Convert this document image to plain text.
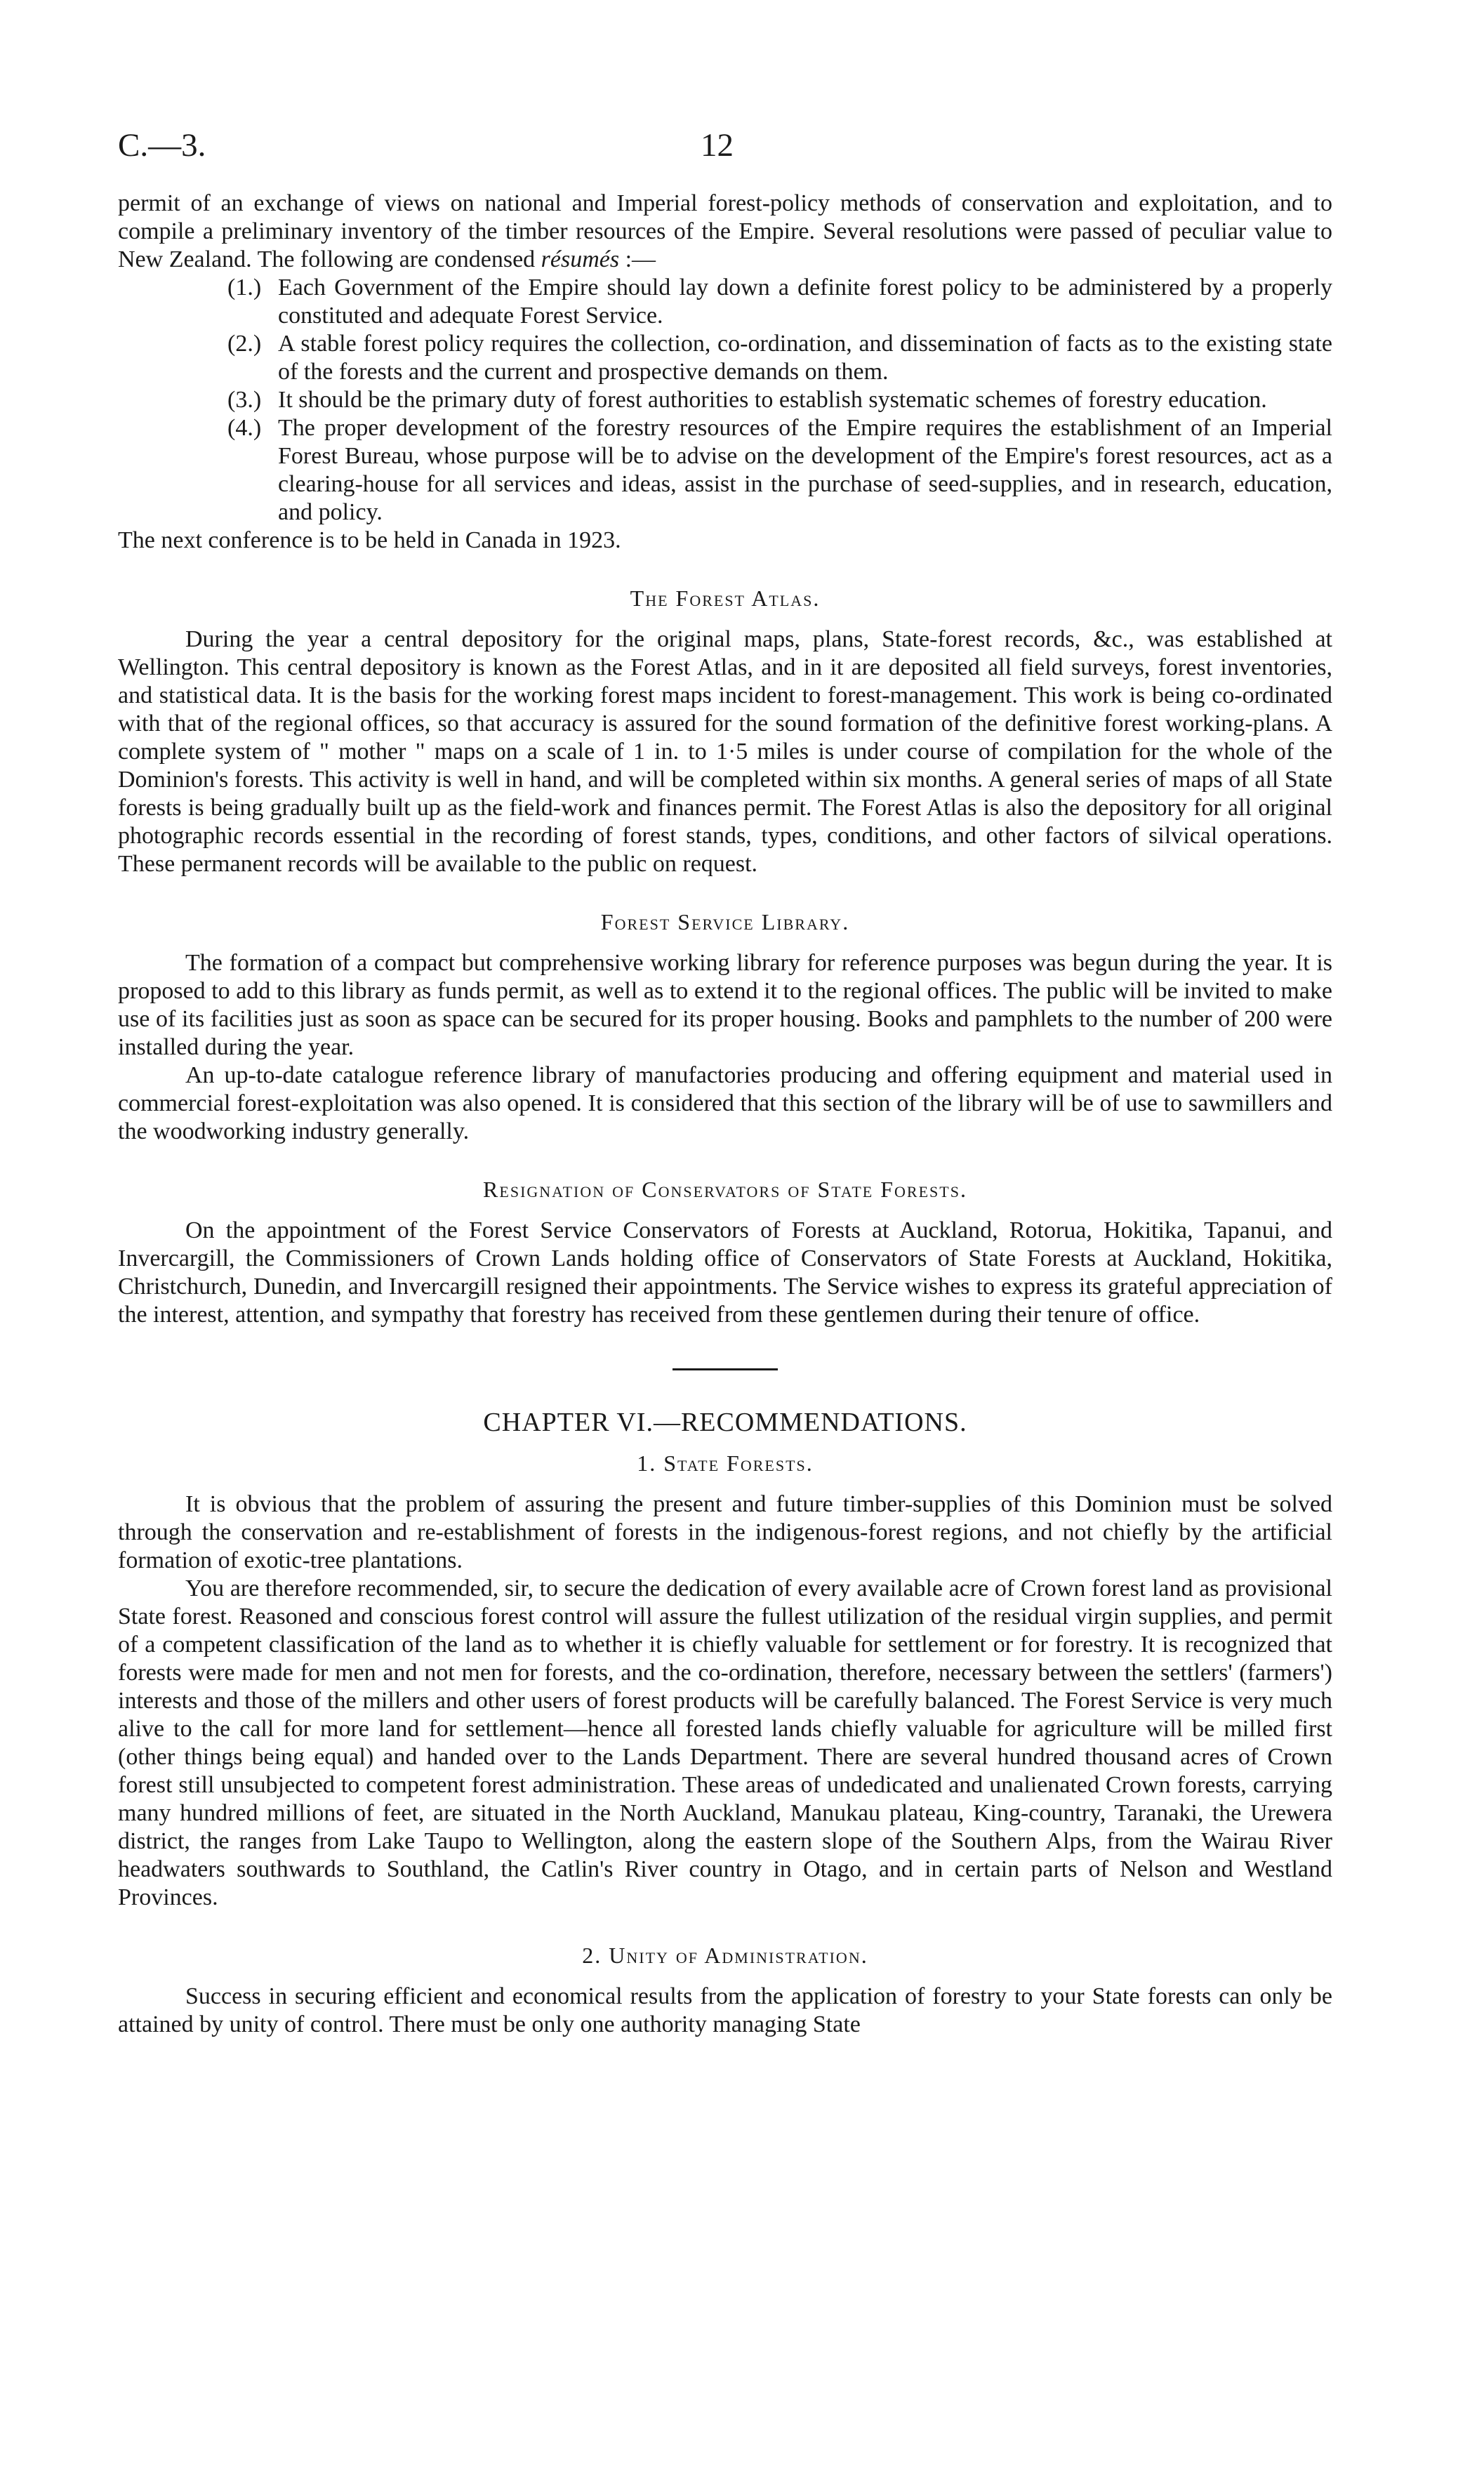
C.—3.	12

permit of an exchange of views on national and Imperial forest-policy methods of conservation and exploitation, and to compile a preliminary inventory of the timber resources of the Empire. Several resolutions were passed of peculiar value to New Zealand. The following are condensed résumés :—

(1.) Each Government of the Empire should lay down a definite forest policy to be administered by a properly constituted and adequate Forest Service.
(2.) A stable forest policy requires the collection, co-ordination, and dissemination of facts as to the existing state of the forests and the current and prospective demands on them.
(3.) It should be the primary duty of forest authorities to establish systematic schemes of forestry education.
(4.) The proper development of the forestry resources of the Empire requires the establishment of an Imperial Forest Bureau, whose purpose will be to advise on the development of the Empire's forest resources, act as a clearing-house for all services and ideas, assist in the purchase of seed-supplies, and in research, education, and policy.

The next conference is to be held in Canada in 1923.

The Forest Atlas.

During the year a central depository for the original maps, plans, State-forest records, &c., was established at Wellington. This central depository is known as the Forest Atlas, and in it are deposited all field surveys, forest inventories, and statistical data. It is the basis for the working forest maps incident to forest-management. This work is being co-ordinated with that of the regional offices, so that accuracy is assured for the sound formation of the definitive forest working-plans. A complete system of " mother " maps on a scale of 1 in. to 1·5 miles is under course of compilation for the whole of the Dominion's forests. This activity is well in hand, and will be completed within six months. A general series of maps of all State forests is being gradually built up as the field-work and finances permit. The Forest Atlas is also the depository for all original photographic records essential in the recording of forest stands, types, conditions, and other factors of silvical operations. These permanent records will be available to the public on request.

Forest Service Library.

The formation of a compact but comprehensive working library for reference purposes was begun during the year. It is proposed to add to this library as funds permit, as well as to extend it to the regional offices. The public will be invited to make use of its facilities just as soon as space can be secured for its proper housing. Books and pamphlets to the number of 200 were installed during the year.

An up-to-date catalogue reference library of manufactories producing and offering equipment and material used in commercial forest-exploitation was also opened. It is considered that this section of the library will be of use to sawmillers and the woodworking industry generally.

Resignation of Conservators of State Forests.

On the appointment of the Forest Service Conservators of Forests at Auckland, Rotorua, Hokitika, Tapanui, and Invercargill, the Commissioners of Crown Lands holding office of Conservators of State Forests at Auckland, Hokitika, Christchurch, Dunedin, and Invercargill resigned their appointments. The Service wishes to express its grateful appreciation of the interest, attention, and sympathy that forestry has received from these gentlemen during their tenure of office.

CHAPTER VI.—RECOMMENDATIONS.
1. State Forests.

It is obvious that the problem of assuring the present and future timber-supplies of this Dominion must be solved through the conservation and re-establishment of forests in the indigenous-forest regions, and not chiefly by the artificial formation of exotic-tree plantations.

You are therefore recommended, sir, to secure the dedication of every available acre of Crown forest land as provisional State forest. Reasoned and conscious forest control will assure the fullest utilization of the residual virgin supplies, and permit of a competent classification of the land as to whether it is chiefly valuable for settlement or for forestry. It is recognized that forests were made for men and not men for forests, and the co-ordination, therefore, necessary between the settlers' (farmers') interests and those of the millers and other users of forest products will be carefully balanced. The Forest Service is very much alive to the call for more land for settlement—hence all forested lands chiefly valuable for agriculture will be milled first (other things being equal) and handed over to the Lands Department. There are several hundred thousand acres of Crown forest still unsubjected to competent forest administration. These areas of undedicated and unalienated Crown forests, carrying many hundred millions of feet, are situated in the North Auckland, Manukau plateau, King-country, Taranaki, the Urewera district, the ranges from Lake Taupo to Wellington, along the eastern slope of the Southern Alps, from the Wairau River headwaters southwards to Southland, the Catlin's River country in Otago, and in certain parts of Nelson and Westland Provinces.

2. Unity of Administration.

Success in securing efficient and economical results from the application of forestry to your State forests can only be attained by unity of control. There must be only one authority managing State
